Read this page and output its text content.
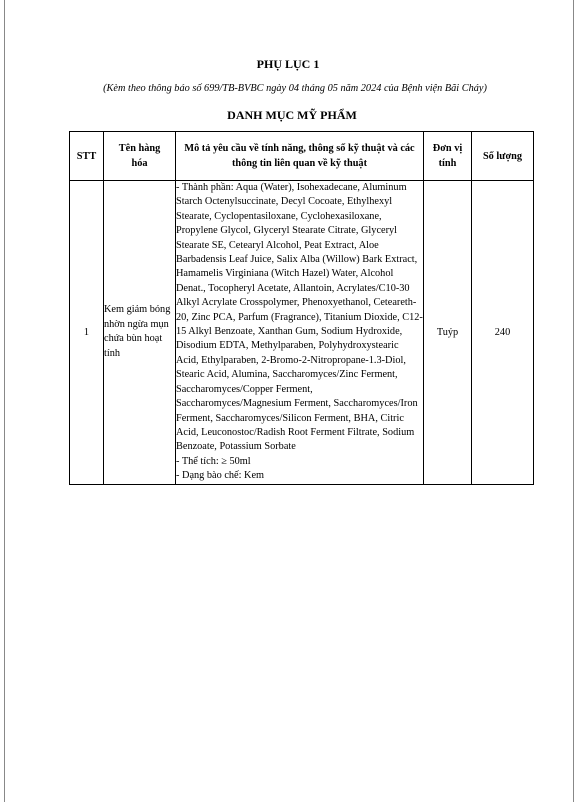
PHỤ LỤC 1
(Kèm theo thông báo số 699/TB-BVBC ngày 04 tháng 05 năm 2024 của Bệnh viện Bãi Cháy)
DANH MỤC MỸ PHẨM
STT	Tên hàng hóa	Mô tả yêu cầu về tính năng, thông số kỹ thuật và các thông tin liên quan về kỹ thuật	Đơn vị tính	Số lượng
1	Kem giảm bóng nhờn ngừa mụn chứa bùn hoạt tính	- Thành phần: Aqua (Water), Isohexadecane, Aluminum Starch Octenylsuccinate, Decyl Cocoate, Ethylhexyl Stearate, Cyclopentasiloxane, Cyclohexasiloxane, Propylene Glycol, Glyceryl Stearate Citrate, Glyceryl Stearate SE, Cetearyl Alcohol, Peat Extract, Aloe Barbadensis Leaf Juice, Salix Alba (Willow) Bark Extract, Hamamelis Virginiana (Witch Hazel) Water, Alcohol Denat., Tocopheryl Acetate, Allantoin, Acrylates/C10-30 Alkyl Acrylate Crosspolymer, Phenoxyethanol, Ceteareth-20, Zinc PCA, Parfum (Fragrance), Titanium Dioxide, C12-15 Alkyl Benzoate, Xanthan Gum, Sodium Hydroxide, Disodium EDTA, Methylparaben, Polyhydroxystearic Acid, Ethylparaben, 2-Bromo-2-Nitropropane-1.3-Diol, Stearic Acid, Alumina, Saccharomyces/Zinc Ferment, Saccharomyces/Copper Ferment, Saccharomyces/Magnesium Ferment, Saccharomyces/Iron Ferment, Saccharomyces/Silicon Ferment, BHA, Citric Acid, Leuconostoc/Radish Root Ferment Filtrate, Sodium Benzoate, Potassium Sorbate
- Thể tích: ≥ 50ml
- Dạng bào chế: Kem	Tuýp	240
